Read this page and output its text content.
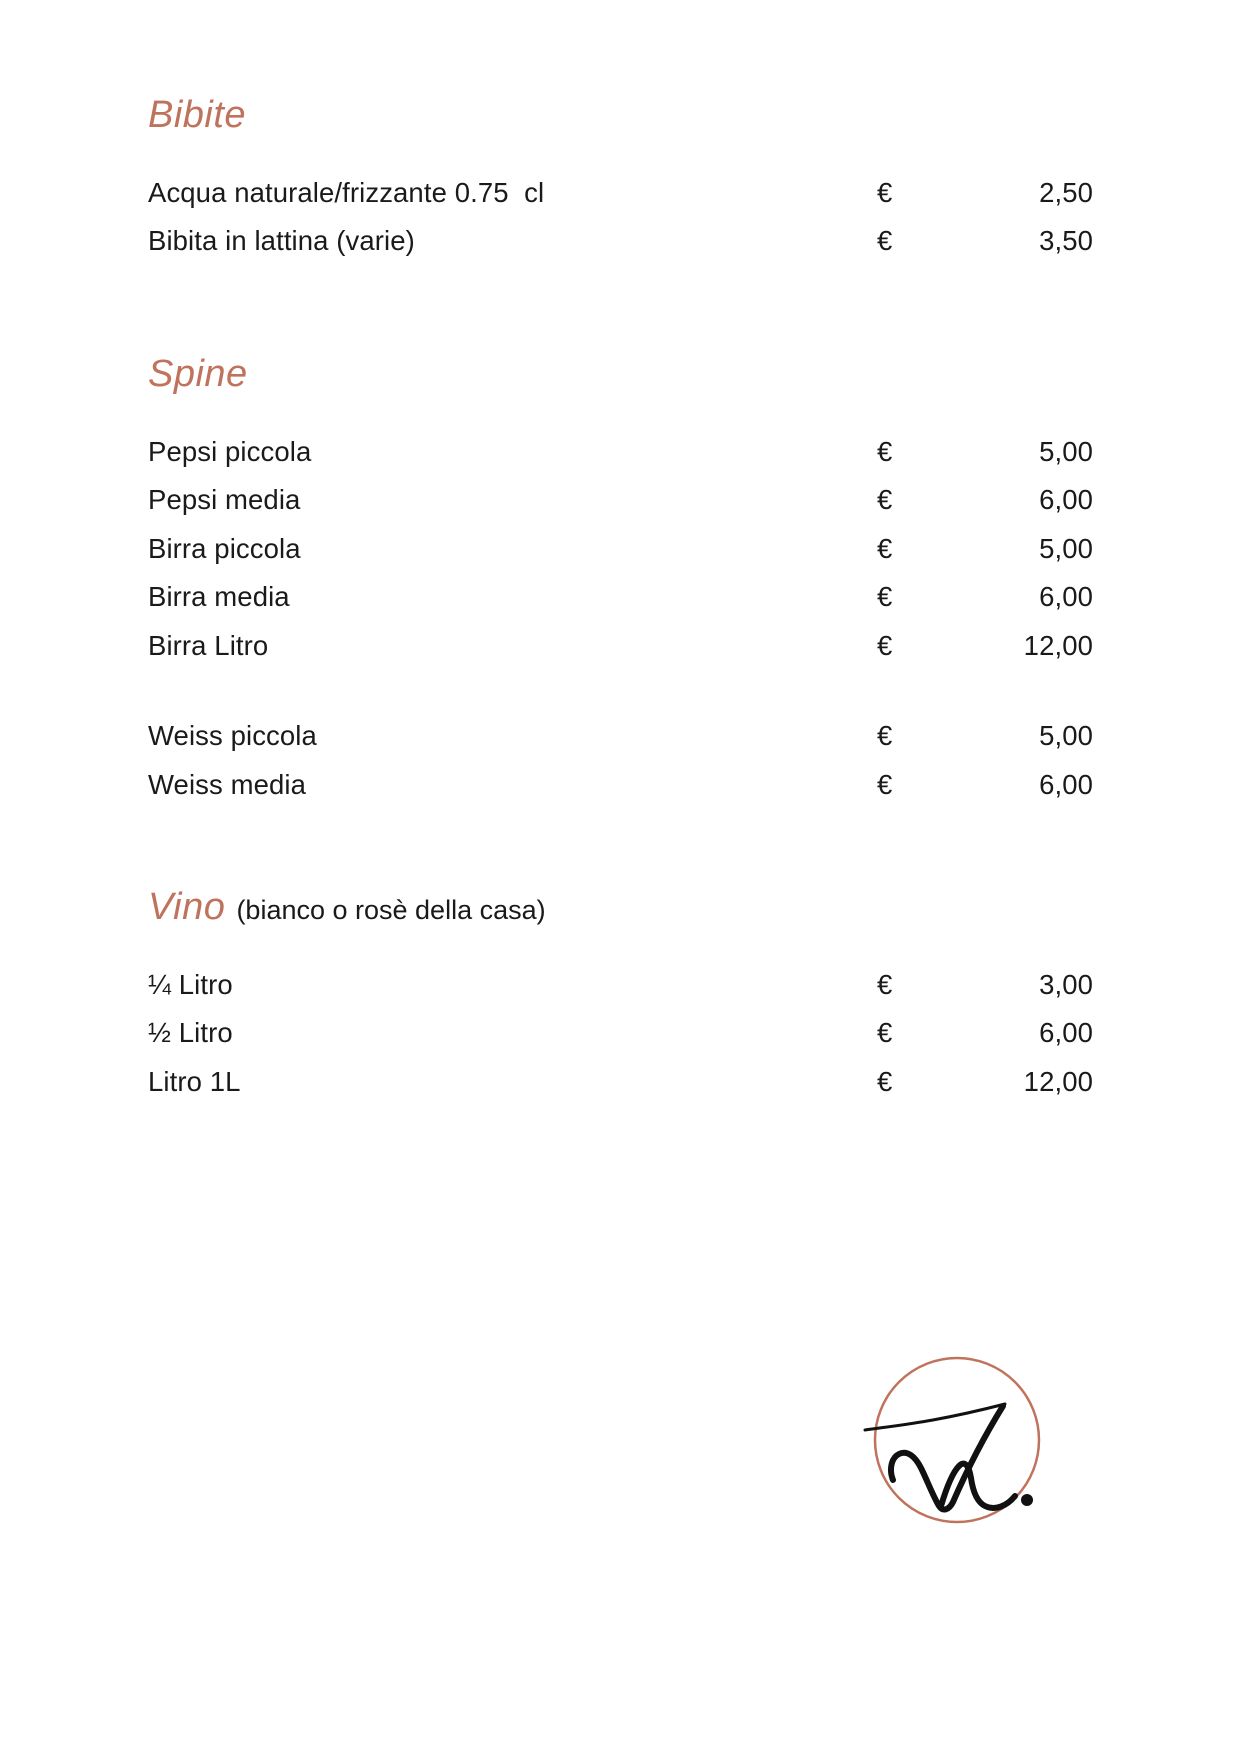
Bibite
Acqua naturale/frizzante 0.75  cl	€	2,50
Bibita in lattina (varie)	€	3,50
Spine
Pepsi piccola	€	5,00
Pepsi media	€	6,00
Birra piccola	€	5,00
Birra media	€	6,00
Birra Litro	€	12,00
Weiss piccola	€	5,00
Weiss media	€	6,00
Vino (bianco o rosè della casa)
¼ Litro	€	3,00
½ Litro	€	6,00
Litro 1L	€	12,00
